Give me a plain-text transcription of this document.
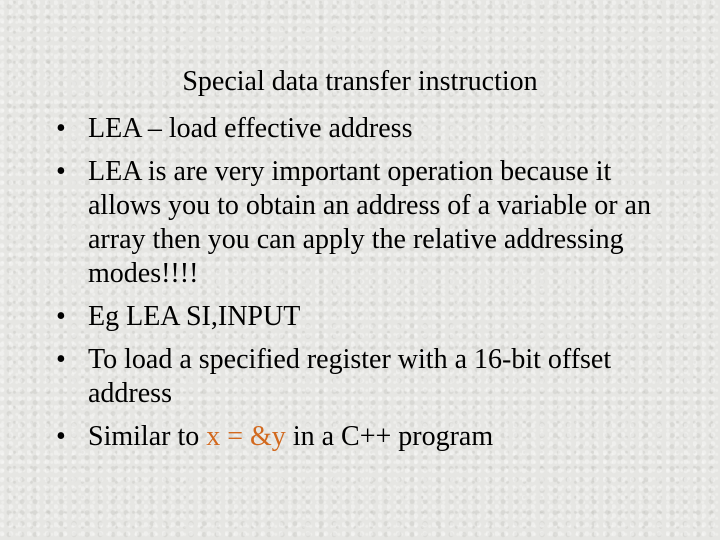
Special data transfer instruction
• LEA – load effective address
• LEA is are very important operation because it allows you to obtain an address of a variable or an array then you can apply the relative addressing modes!!!!
• Eg LEA SI,INPUT
• To load a specified register with a 16-bit offset address
• Similar to x = &y in a C++ program
